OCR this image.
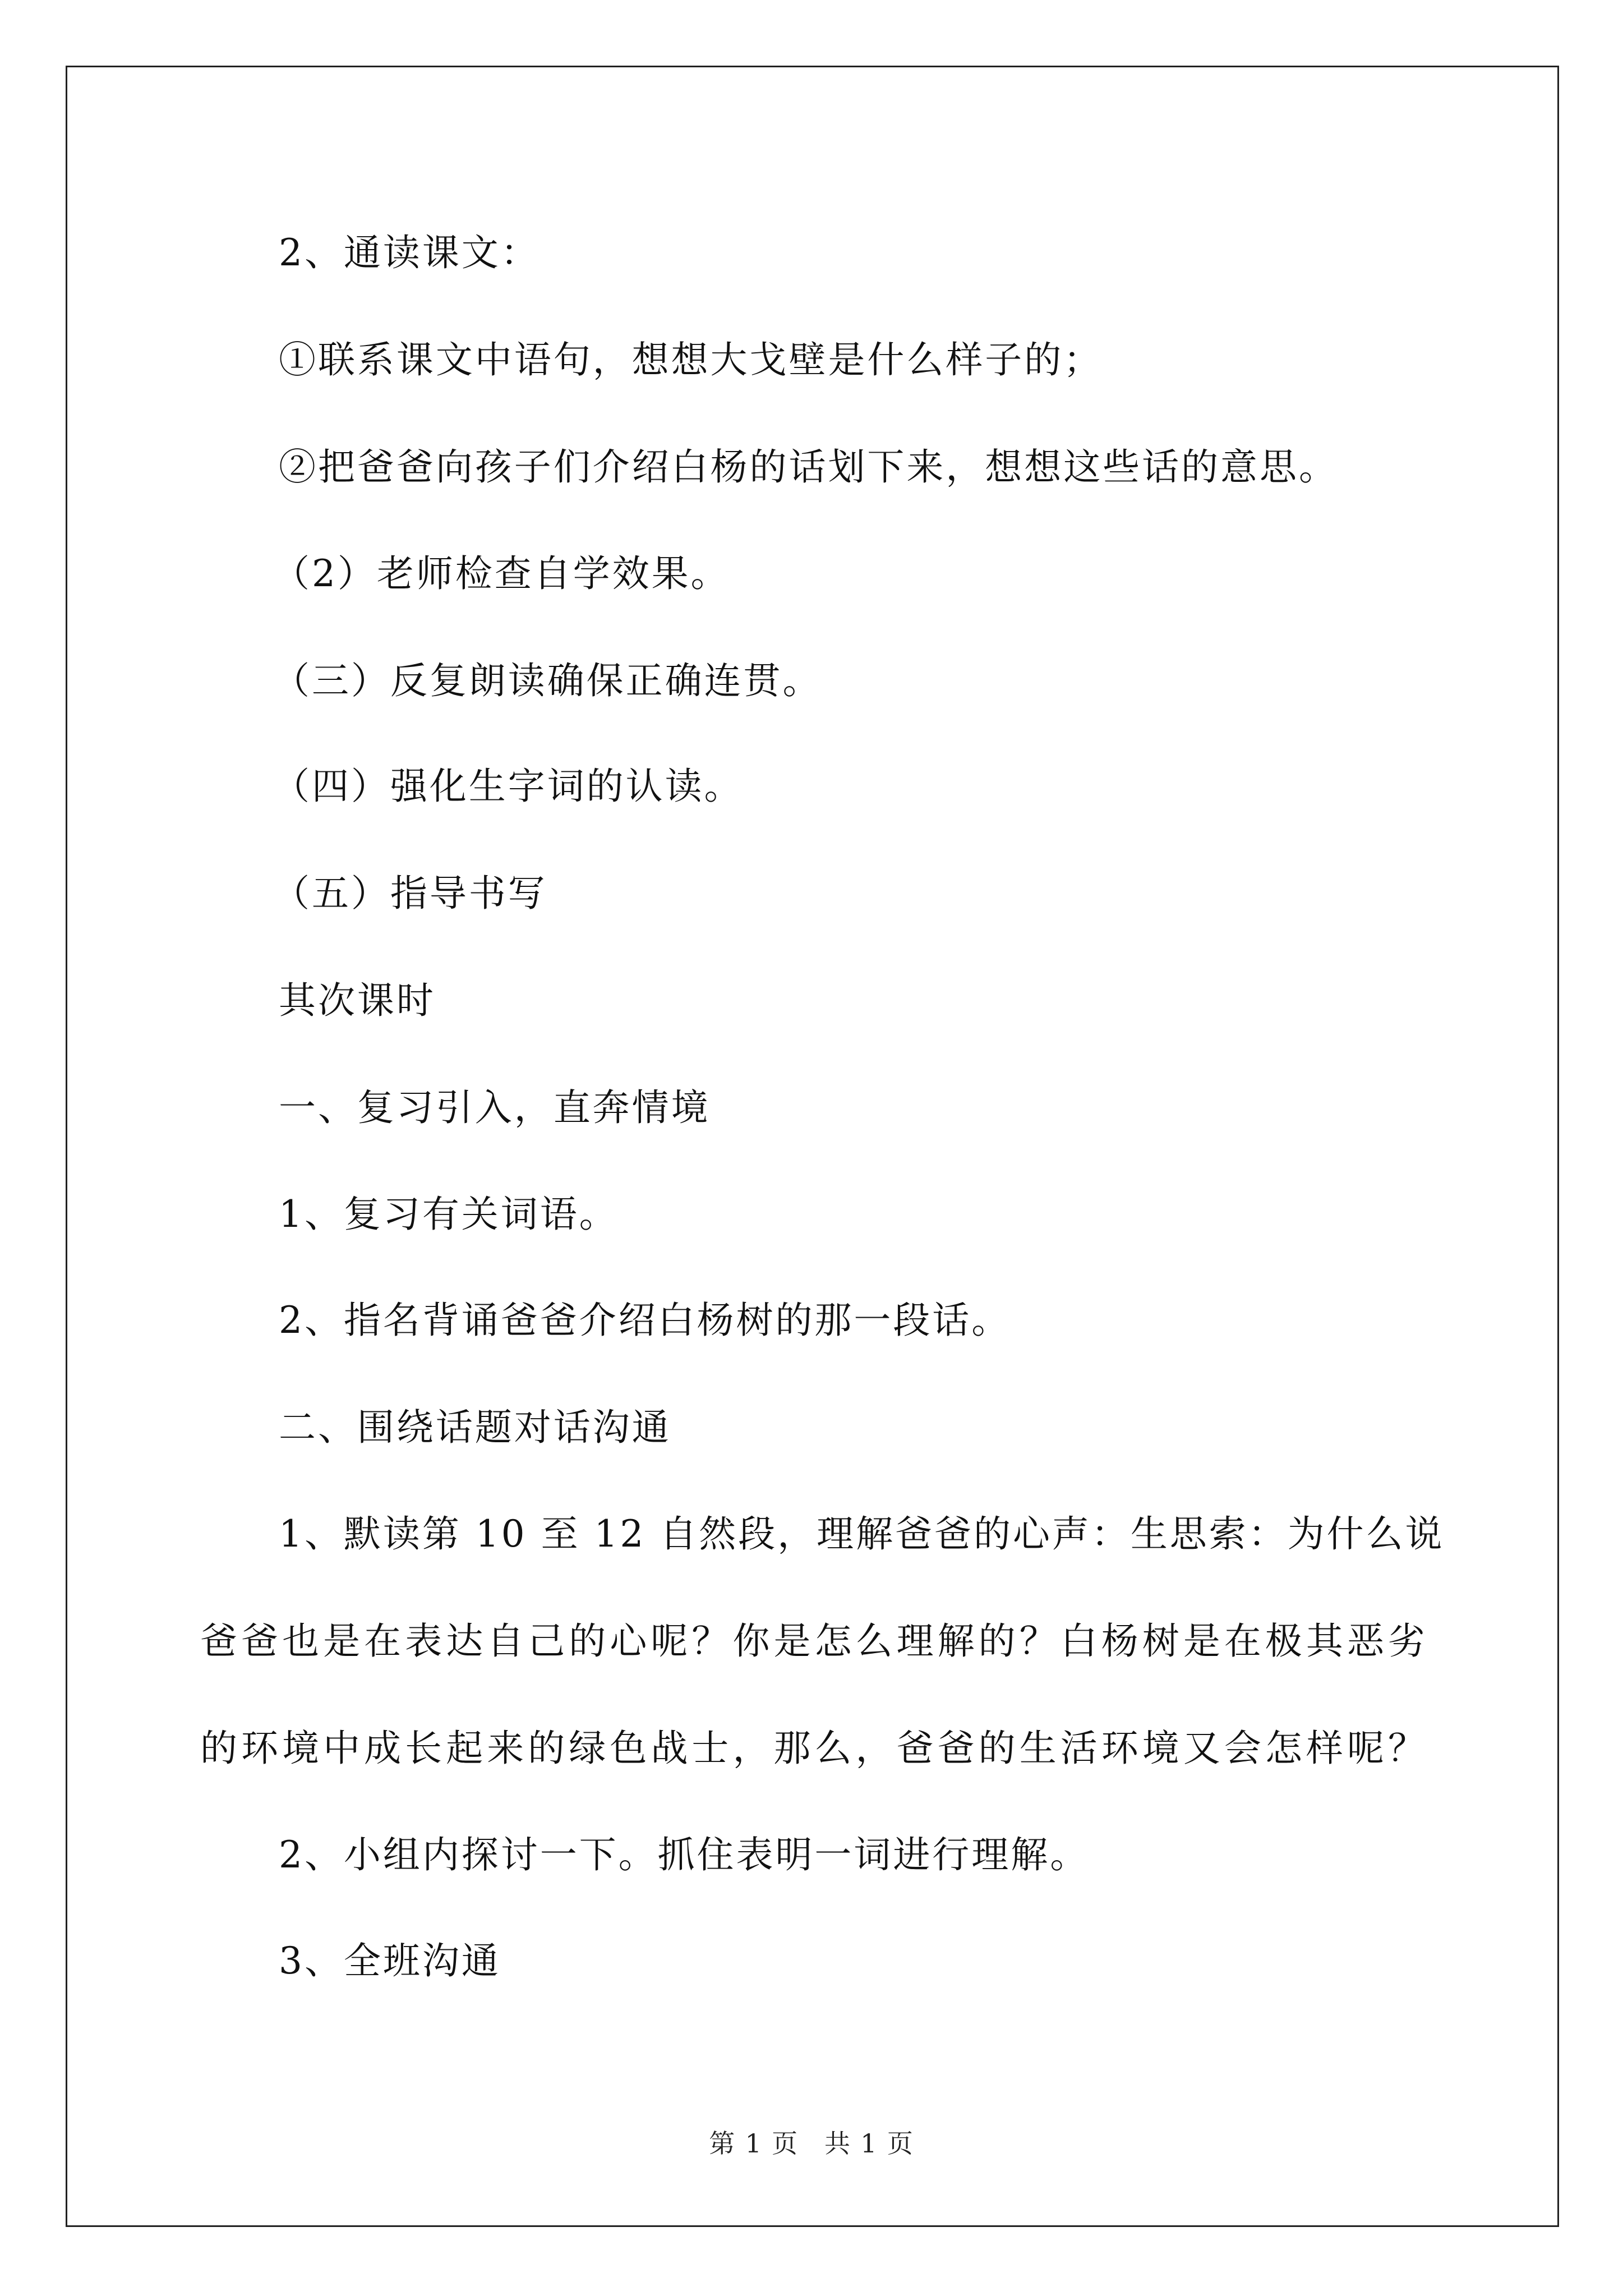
2、通读课文：
①联系课文中语句，想想大戈壁是什么样子的；
②把爸爸向孩子们介绍白杨的话划下来，想想这些话的意思。
（2）老师检查自学效果。
（三）反复朗读确保正确连贯。
（四）强化生字词的认读。
（五）指导书写
其次课时
一、复习引入，直奔情境
1、复习有关词语。
2、指名背诵爸爸介绍白杨树的那一段话。
二、围绕话题对话沟通
1、默读第 10 至 12 自然段，理解爸爸的心声：生思索：为什么说
爸爸也是在表达自己的心呢？你是怎么理解的？白杨树是在极其恶劣
的环境中成长起来的绿色战士，那么，爸爸的生活环境又会怎样呢？
2、小组内探讨一下。抓住表明一词进行理解。
3、全班沟通
第 1 页 共 1 页
